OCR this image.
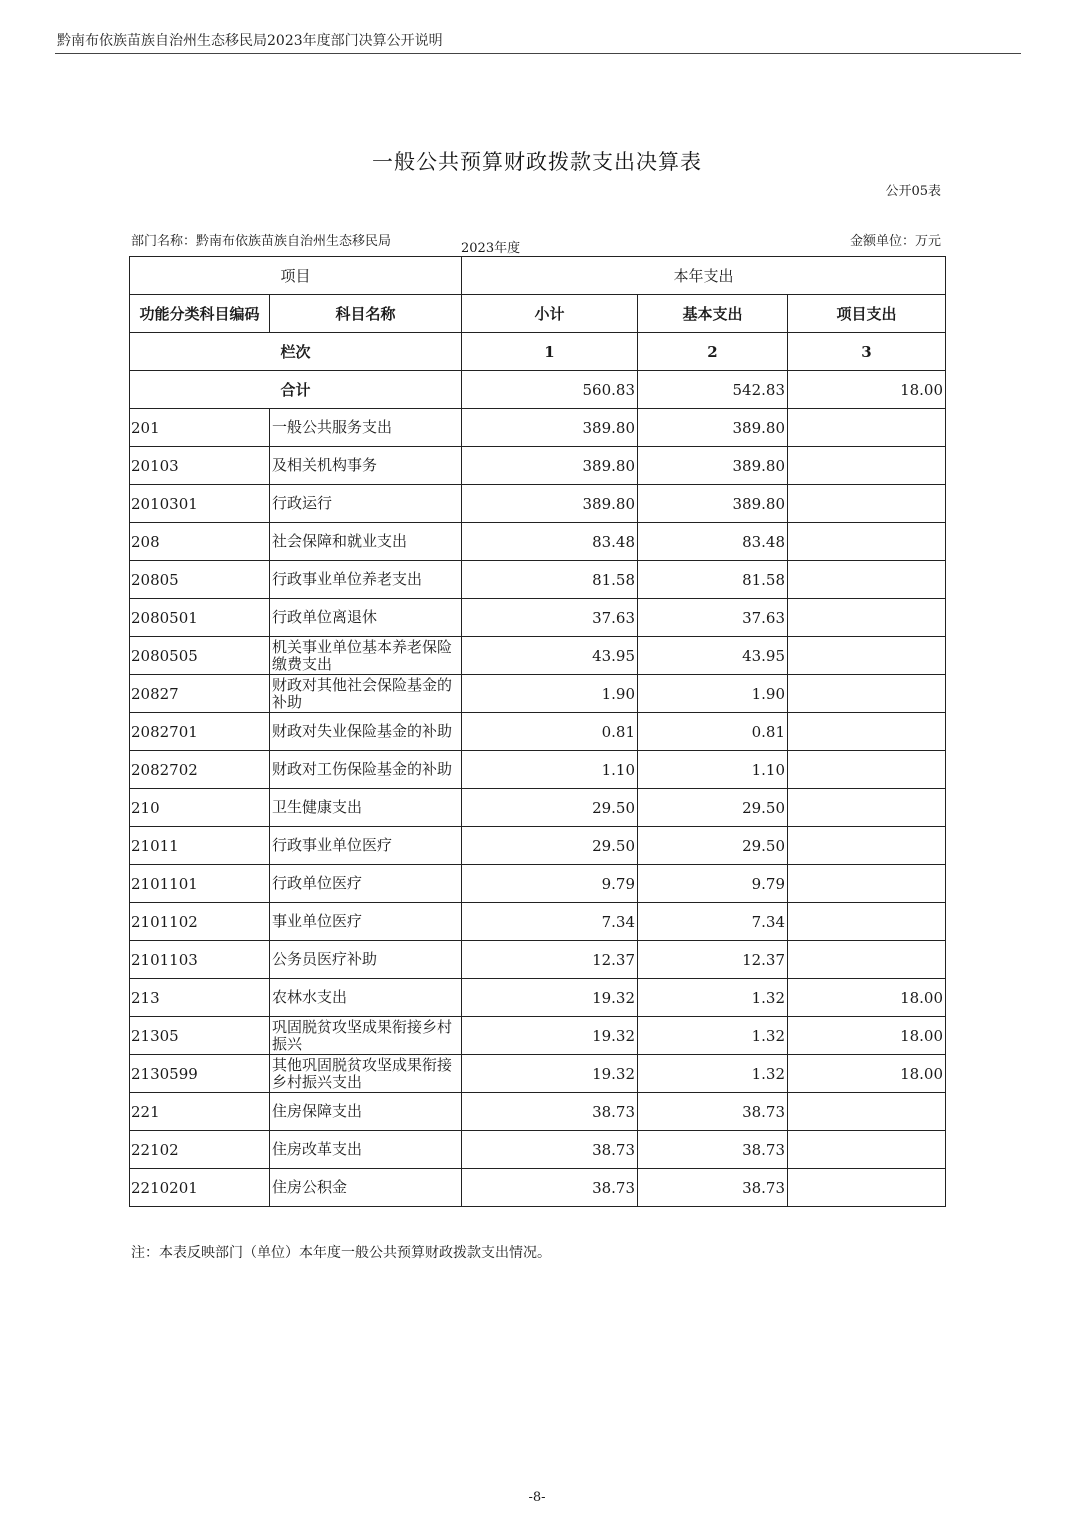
黔南布依族苗族自治州生态移民局2023年度部门决算公开说明
一般公共预算财政拨款支出决算表
公开05表
部门名称：黔南布依族苗族自治州生态移民局	2023年度	金额单位：万元
项目		本年支出		
功能分类科目编码	科目名称	小计	基本支出	项目支出
栏次		1	2	3
合计		560.83	542.83	18.00
201	一般公共服务支出	389.80	389.80	
20103	及相关机构事务	389.80	389.80	
2010301	行政运行	389.80	389.80	
208	社会保障和就业支出	83.48	83.48	
20805	行政事业单位养老支出	81.58	81.58	
2080501	行政单位离退休	37.63	37.63	
2080505	机关事业单位基本养老保险缴费支出	43.95	43.95	
20827	财政对其他社会保险基金的补助	1.90	1.90	
2082701	财政对失业保险基金的补助	0.81	0.81	
2082702	财政对工伤保险基金的补助	1.10	1.10	
210	卫生健康支出	29.50	29.50	
21011	行政事业单位医疗	29.50	29.50	
2101101	行政单位医疗	9.79	9.79	
2101102	事业单位医疗	7.34	7.34	
2101103	公务员医疗补助	12.37	12.37	
213	农林水支出	19.32	1.32	18.00
21305	巩固脱贫攻坚成果衔接乡村振兴	19.32	1.32	18.00
2130599	其他巩固脱贫攻坚成果衔接乡村振兴支出	19.32	1.32	18.00
221	住房保障支出	38.73	38.73	
22102	住房改革支出	38.73	38.73	
2210201	住房公积金	38.73	38.73	
注：本表反映部门（单位）本年度一般公共预算财政拨款支出情况。
-8-
